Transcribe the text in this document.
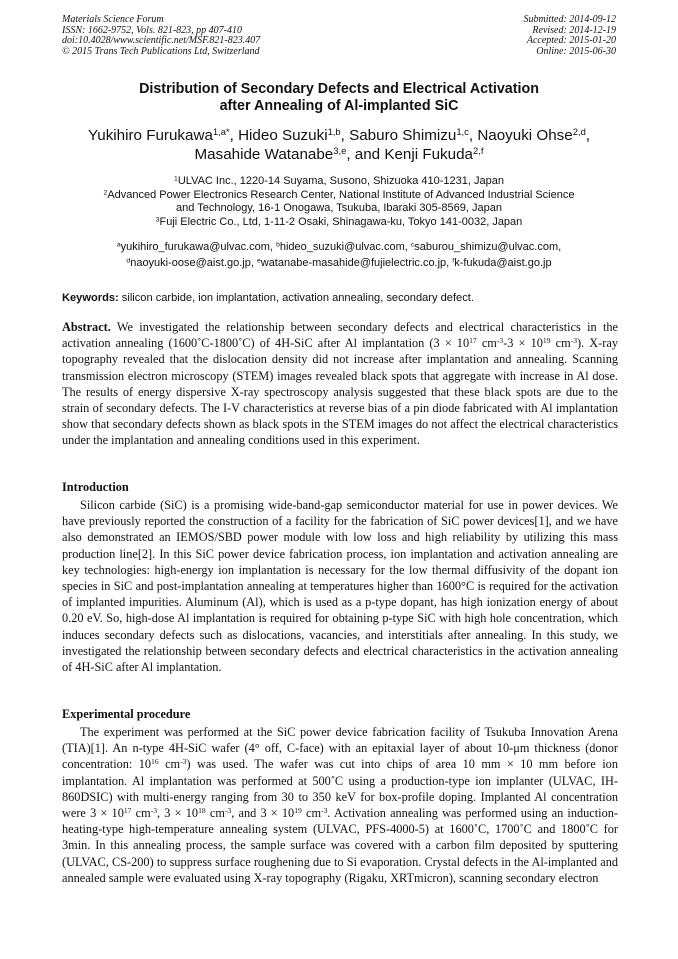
Materials Science Forum
ISSN: 1662-9752, Vols. 821-823, pp 407-410
doi:10.4028/www.scientific.net/MSF.821-823.407
© 2015 Trans Tech Publications Ltd, Switzerland
Submitted: 2014-09-12
Revised: 2014-12-19
Accepted: 2015-01-20
Online: 2015-06-30
Distribution of Secondary Defects and Electrical Activation
after Annealing of Al-implanted SiC
Yukihiro Furukawa$^{1,a*}$, Hideo Suzuki$^{1,b}$, Saburo Shimizu$^{1,c}$, Naoyuki Ohse$^{2,d}$,
Masahide Watanabe$^{3,e}$, and Kenji Fukuda$^{2,f}$
$^1$ULVAC Inc., 1220-14 Suyama, Susono, Shizuoka 410-1231, Japan
$^2$Advanced Power Electronics Research Center, National Institute of Advanced Industrial Science
and Technology, 16-1 Onogawa, Tsukuba, Ibaraki 305-8569, Japan
$^3$Fuji Electric Co., Ltd, 1-11-2 Osaki, Shinagawa-ku, Tokyo 141-0032, Japan
$^a$yukihiro_furukawa@ulvac.com, $^b$hideo_suzuki@ulvac.com, $^c$saburou_shimizu@ulvac.com,
$^d$naoyuki-oose@aist.go.jp, $^e$watanabe-masahide@fujielectric.co.jp, $^f$k-fukuda@aist.go.jp
Keywords: silicon carbide, ion implantation, activation annealing, secondary defect.
Abstract. We investigated the relationship between secondary defects and electrical characteristics in the activation annealing (1600˚C-1800˚C) of 4H-SiC after Al implantation ($3 \times 10^{17}$ $cm^{-3}-3 \times 10^{19}$ $cm^{-3}$). X-ray topography revealed that the dislocation density did not increase after implantation and annealing. Scanning transmission electron microscopy (STEM) images revealed black spots that aggregate with increase in Al dose. The results of energy dispersive X-ray spectroscopy analysis suggested that these black spots are due to the strain of secondary defects. The I-V characteristics at reverse bias of a pin diode fabricated with Al implantation show that secondary defects shown as black spots in the STEM images do not affect the electrical characteristics under the implantation and annealing conditions used in this experiment.
Introduction
Silicon carbide (SiC) is a promising wide-band-gap semiconductor material for use in power devices. We have previously reported the construction of a facility for the fabrication of SiC power devices[1], and we have also demonstrated an IEMOS/SBD power module with low loss and high reliability by utilizing this mass production line[2]. In this SiC power device fabrication process, ion implantation and activation annealing are key technologies: high-energy ion implantation is necessary for the low thermal diffusivity of the dopant ion species in SiC and post-implantation annealing at temperatures higher than 1600°C is required for the activation of implanted impurities. Aluminum (Al), which is used as a p-type dopant, has high ionization energy of about 0.20 eV. So, high-dose Al implantation is required for obtaining p-type SiC with high hole concentration, which induces secondary defects such as dislocations, vacancies, and interstitials after annealing. In this study, we investigated the relationship between secondary defects and electrical characteristics in the activation annealing of 4H-SiC after Al implantation.
Experimental procedure
The experiment was performed at the SiC power device fabrication facility of Tsukuba Innovation Arena (TIA)[1]. An n-type 4H-SiC wafer (4° off, C-face) with an epitaxial layer of about 10-μm thickness (donor concentration: $10^{16}$ $cm^{-3}$) was used. The wafer was cut into chips of area 10 mm × 10 mm before ion implantation. Al implantation was performed at 500˚C using a production-type ion implanter (ULVAC, IH-860DSIC) with multi-energy ranging from 30 to 350 keV for box-profile doping. Implanted Al concentration were $3 \times 10^{17}$ $cm^{-3}$, $3 \times 10^{18}$ $cm^{-3}$, and $3 \times 10^{19}$ $cm^{-3}$. Activation annealing was performed using an induction-heating-type high-temperature annealing system (ULVAC, PFS-4000-5) at 1600˚C, 1700˚C and 1800˚C for 3min. In this annealing process, the sample surface was covered with a carbon film deposited by sputtering (ULVAC, CS-200) to suppress surface roughening due to Si evaporation. Crystal defects in the Al-implanted and annealed sample were evaluated using X-ray topography (Rigaku, XRTmicron), scanning secondary electron
